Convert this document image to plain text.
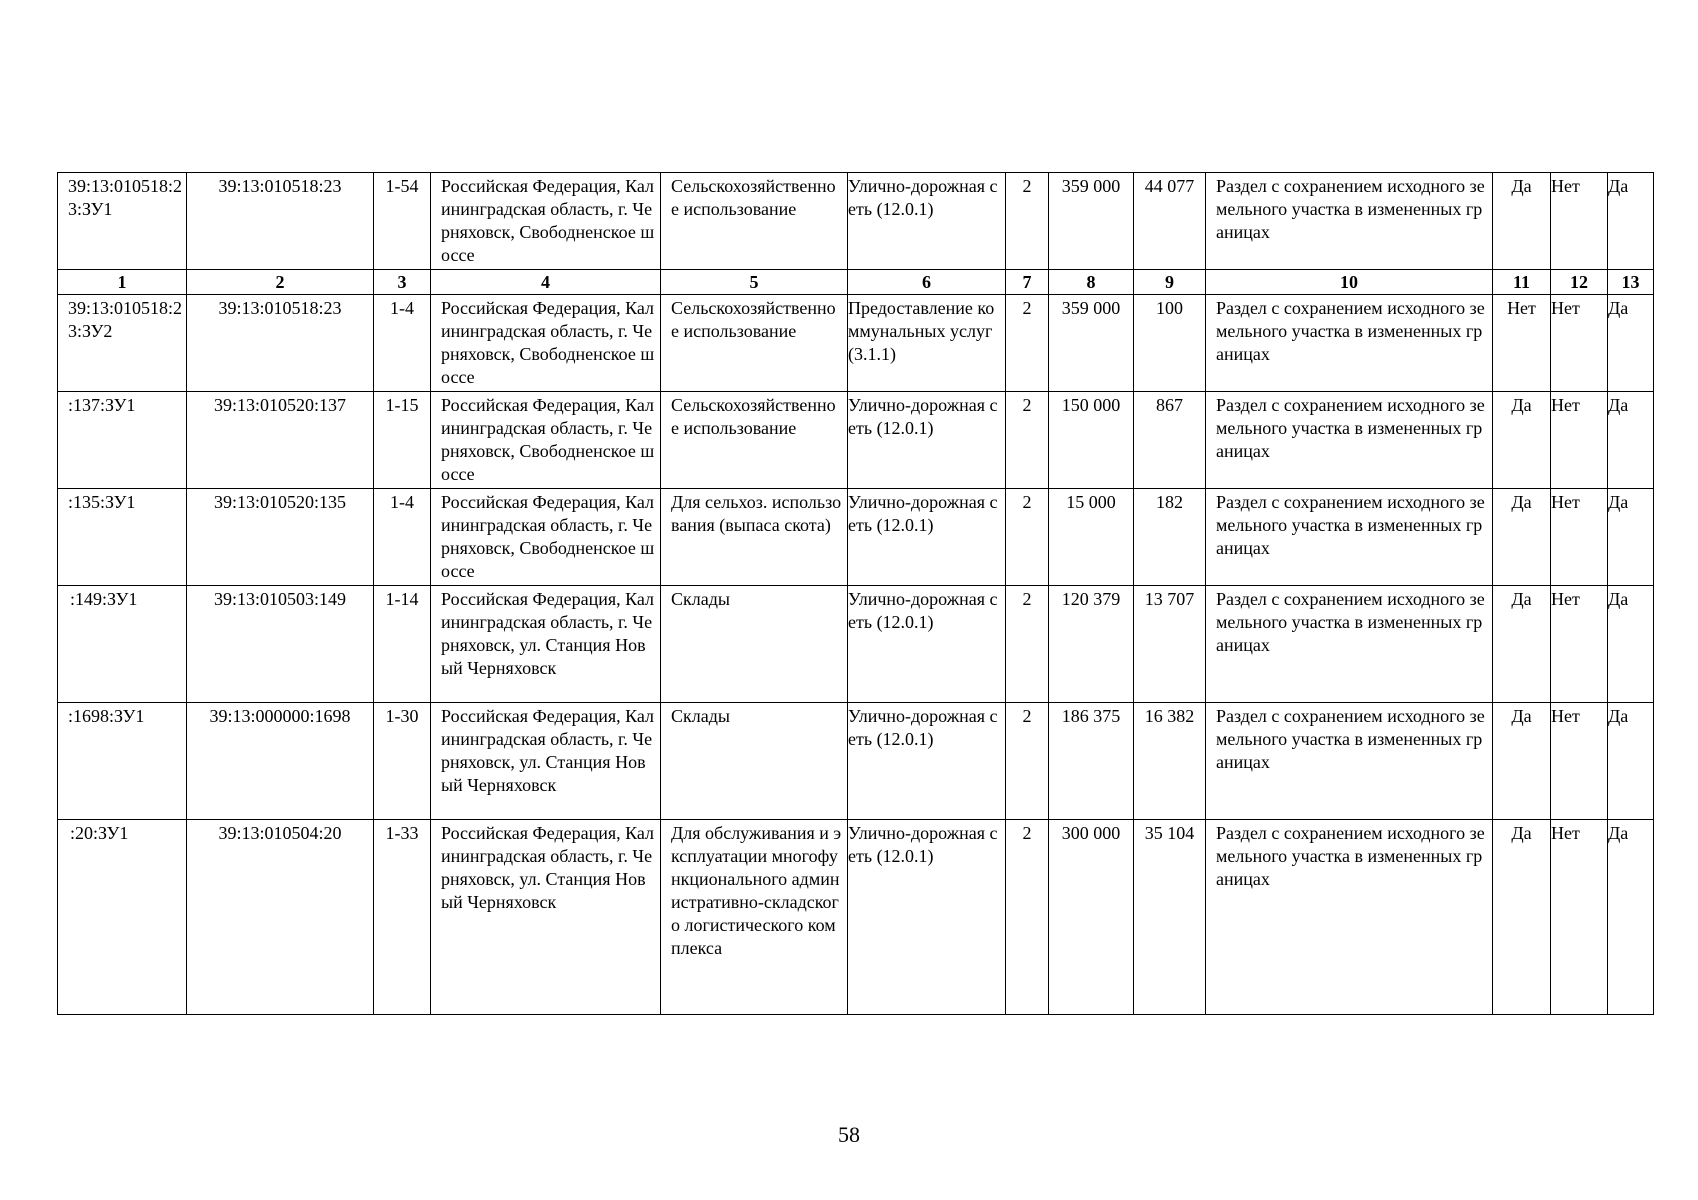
39:13:010518:23:ЗУ1	39:13:010518:23	1-54	Российская Федерация, Калининградская область, г. Черняховск, Свободненское шоссе	Сельскохозяйственное использование	Улично-дорожная сеть (12.0.1)	2	359 000	44 077	Раздел с сохранением исходного земельного участка в измененных границах	Да	Нет	Да
1	2	3	4	5	6	7	8	9	10	11	12	13
39:13:010518:23:ЗУ2	39:13:010518:23	1-4	Российская Федерация, Калининградская область, г. Черняховск, Свободненское шоссе	Сельскохозяйственное использование	Предоставление коммунальных услуг (3.1.1)	2	359 000	100	Раздел с сохранением исходного земельного участка в измененных границах	Нет	Нет	Да
:137:ЗУ1	39:13:010520:137	1-15	Российская Федерация, Калининградская область, г. Черняховск, Свободненское шоссе	Сельскохозяйственное использование	Улично-дорожная сеть (12.0.1)	2	150 000	867	Раздел с сохранением исходного земельного участка в измененных границах	Да	Нет	Да
:135:ЗУ1	39:13:010520:135	1-4	Российская Федерация, Калининградская область, г. Черняховск, Свободненское шоссе	Для сельхоз. использования (выпаса скота)	Улично-дорожная сеть (12.0.1)	2	15 000	182	Раздел с сохранением исходного земельного участка в измененных границах	Да	Нет	Да
:149:ЗУ1	39:13:010503:149	1-14	Российская Федерация, Калининградская область, г. Черняховск, ул. Станция Новый Черняховск	Склады	Улично-дорожная сеть (12.0.1)	2	120 379	13 707	Раздел с сохранением исходного земельного участка в измененных границах	Да	Нет	Да
:1698:ЗУ1	39:13:000000:1698	1-30	Российская Федерация, Калининградская область, г. Черняховск, ул. Станция Новый Черняховск	Склады	Улично-дорожная сеть (12.0.1)	2	186 375	16 382	Раздел с сохранением исходного земельного участка в измененных границах	Да	Нет	Да
:20:ЗУ1	39:13:010504:20	1-33	Российская Федерация, Калининградская область, г. Черняховск, ул. Станция Новый Черняховск	Для обслуживания и эксплуатации многофункционального административно-складского логистического комплекса	Улично-дорожная сеть (12.0.1)	2	300 000	35 104	Раздел с сохранением исходного земельного участка в измененных границах	Да	Нет	Да
58
